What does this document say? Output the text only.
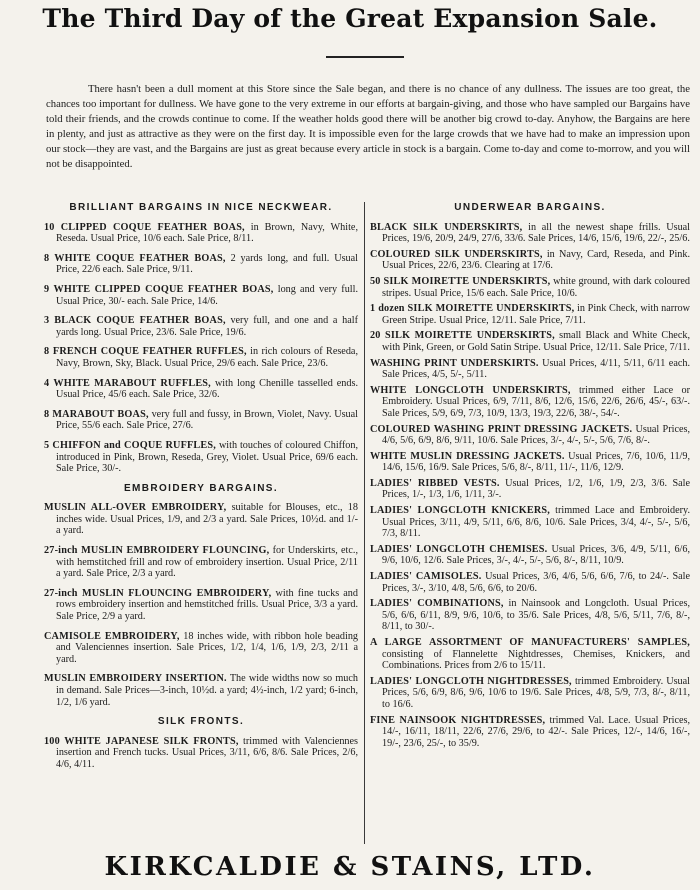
The Third Day of the Great Expansion Sale.

There hasn't been a dull moment at this Store since the Sale began, and there is no chance of any dullness. The issues are too great, the chances too important for dullness. We have gone to the very extreme in our efforts at bargain-giving, and those who have sampled our Bargains have told their friends, and the crowds continue to come. If the weather holds good there will be another big crowd to-day. Anyhow, the Bargains are here in plenty, and just as attractive as they were on the first day. It is impossible even for the large crowds that we have had to make an impression upon our stock—they are vast, and the Bargains are just as great because every article in stock is a bargain. Come to-day and come to-morrow, and you will not be disappointed.

BRILLIANT BARGAINS IN NICE NECKWEAR.

10 CLIPPED COQUE FEATHER BOAS, in Brown, Navy, White, Reseda. Usual Price, 10/6 each. Sale Price, 8/11.

8 WHITE COQUE FEATHER BOAS, 2 yards long, and full. Usual Price, 22/6 each. Sale Price, 9/11.

9 WHITE CLIPPED COQUE FEATHER BOAS, long and very full. Usual Price, 30/- each. Sale Price, 14/6.

3 BLACK COQUE FEATHER BOAS, very full, and one and a half yards long. Usual Price, 23/6. Sale Price, 19/6.

8 FRENCH COQUE FEATHER RUFFLES, in rich colours of Reseda, Navy, Brown, Sky, Black. Usual Price, 29/6 each. Sale Price, 23/6.

4 WHITE MARABOUT RUFFLES, with long Chenille tasselled ends. Usual Price, 45/6 each. Sale Price, 32/6.

8 MARABOUT BOAS, very full and fussy, in Brown, Violet, Navy. Usual Price, 55/6 each. Sale Price, 27/6.

5 CHIFFON and COQUE RUFFLES, with touches of coloured Chiffon, introduced in Pink, Brown, Reseda, Grey, Violet. Usual Price, 69/6 each. Sale Price, 30/-.

EMBROIDERY BARGAINS.

MUSLIN ALL-OVER EMBROIDERY, suitable for Blouses, etc., 18 inches wide. Usual Prices, 1/9, and 2/3 a yard. Sale Prices, 10½d. and 1/- a yard.

27-inch MUSLIN EMBROIDERY FLOUNCING, for Underskirts, etc., with hemstitched frill and row of embroidery insertion. Usual Price, 2/11 a yard. Sale Price, 2/3 a yard.

27-inch MUSLIN FLOUNCING EMBROIDERY, with fine tucks and rows embroidery insertion and hemstitched frills. Usual Price, 3/3 a yard. Sale Price, 2/9 a yard.

CAMISOLE EMBROIDERY, 18 inches wide, with ribbon hole beading and Valenciennes insertion. Sale Prices, 1/2, 1/4, 1/6, 1/9, 2/3, 2/11 a yard.

MUSLIN EMBROIDERY INSERTION. The wide widths now so much in demand. Sale Prices—3-inch, 10½d. a yard; 4½-inch, 1/2 yard; 6-inch, 1/2, 1/6 yard.

SILK FRONTS.

100 WHITE JAPANESE SILK FRONTS, trimmed with Valenciennes insertion and French tucks. Usual Prices, 3/11, 6/6, 8/6. Sale Prices, 2/6, 4/6, 4/11.

UNDERWEAR BARGAINS.

BLACK SILK UNDERSKIRTS, in all the newest shape frills. Usual Prices, 19/6, 20/9, 24/9, 27/6, 33/6. Sale Prices, 14/6, 15/6, 19/6, 22/-, 25/6.

COLOURED SILK UNDERSKIRTS, in Navy, Card, Reseda, and Pink. Usual Prices, 22/6, 23/6. Clearing at 17/6.

50 SILK MOIRETTE UNDERSKIRTS, white ground, with dark coloured stripes. Usual Price, 15/6 each. Sale Price, 10/6.

1 dozen SILK MOIRETTE UNDERSKIRTS, in Pink Check, with narrow Green Stripe. Usual Price, 12/11. Sale Price, 7/11.

20 SILK MOIRETTE UNDERSKIRTS, small Black and White Check, with Pink, Green, or Gold Satin Stripe. Usual Price, 12/11. Sale Price, 7/11.

WASHING PRINT UNDERSKIRTS. Usual Prices, 4/11, 5/11, 6/11 each. Sale Prices, 4/5, 5/-, 5/11.

WHITE LONGCLOTH UNDERSKIRTS, trimmed either Lace or Embroidery. Usual Prices, 6/9, 7/11, 8/6, 12/6, 15/6, 22/6, 26/6, 45/-, 63/-. Sale Prices, 5/9, 6/9, 7/3, 10/9, 13/3, 19/3, 22/6, 38/-, 54/-.

COLOURED WASHING PRINT DRESSING JACKETS. Usual Prices, 4/6, 5/6, 6/9, 8/6, 9/11, 10/6. Sale Prices, 3/-, 4/-, 5/-, 5/6, 7/6, 8/-.

WHITE MUSLIN DRESSING JACKETS. Usual Prices, 7/6, 10/6, 11/9, 14/6, 15/6, 16/9. Sale Prices, 5/6, 8/-, 8/11, 11/-, 11/6, 12/9.

LADIES' RIBBED VESTS. Usual Prices, 1/2, 1/6, 1/9, 2/3, 3/6. Sale Prices, 1/-, 1/3, 1/6, 1/11, 3/-.

LADIES' LONGCLOTH KNICKERS, trimmed Lace and Embroidery. Usual Prices, 3/11, 4/9, 5/11, 6/6, 8/6, 10/6. Sale Prices, 3/4, 4/-, 5/-, 5/6, 7/3, 8/11.

LADIES' LONGCLOTH CHEMISES. Usual Prices, 3/6, 4/9, 5/11, 6/6, 9/6, 10/6, 12/6. Sale Prices, 3/-, 4/-, 5/-, 5/6, 8/-, 8/11, 10/9.

LADIES' CAMISOLES. Usual Prices, 3/6, 4/6, 5/6, 6/6, 7/6, to 24/-. Sale Prices, 3/-, 3/10, 4/8, 5/6, 6/6, to 20/6.

LADIES' COMBINATIONS, in Nainsook and Longcloth. Usual Prices, 5/6, 6/6, 6/11, 8/9, 9/6, 10/6, to 35/6. Sale Prices, 4/8, 5/6, 5/11, 7/6, 8/-, 8/11, to 30/-.

A LARGE ASSORTMENT OF MANUFACTURERS' SAMPLES, consisting of Flannelette Nightdresses, Chemises, Knickers, and Combinations. Prices from 2/6 to 15/11.

LADIES' LONGCLOTH NIGHTDRESSES, trimmed Embroidery. Usual Prices, 5/6, 6/9, 8/6, 9/6, 10/6 to 19/6. Sale Prices, 4/8, 5/9, 7/3, 8/-, 8/11, to 16/6.

FINE NAINSOOK NIGHTDRESSES, trimmed Val. Lace. Usual Prices, 14/-, 16/11, 18/11, 22/6, 27/6, 29/6, to 42/-. Sale Prices, 12/-, 14/6, 16/-, 19/-, 23/6, 25/-, to 35/9.

KIRKCALDIE & STAINS, LTD.
